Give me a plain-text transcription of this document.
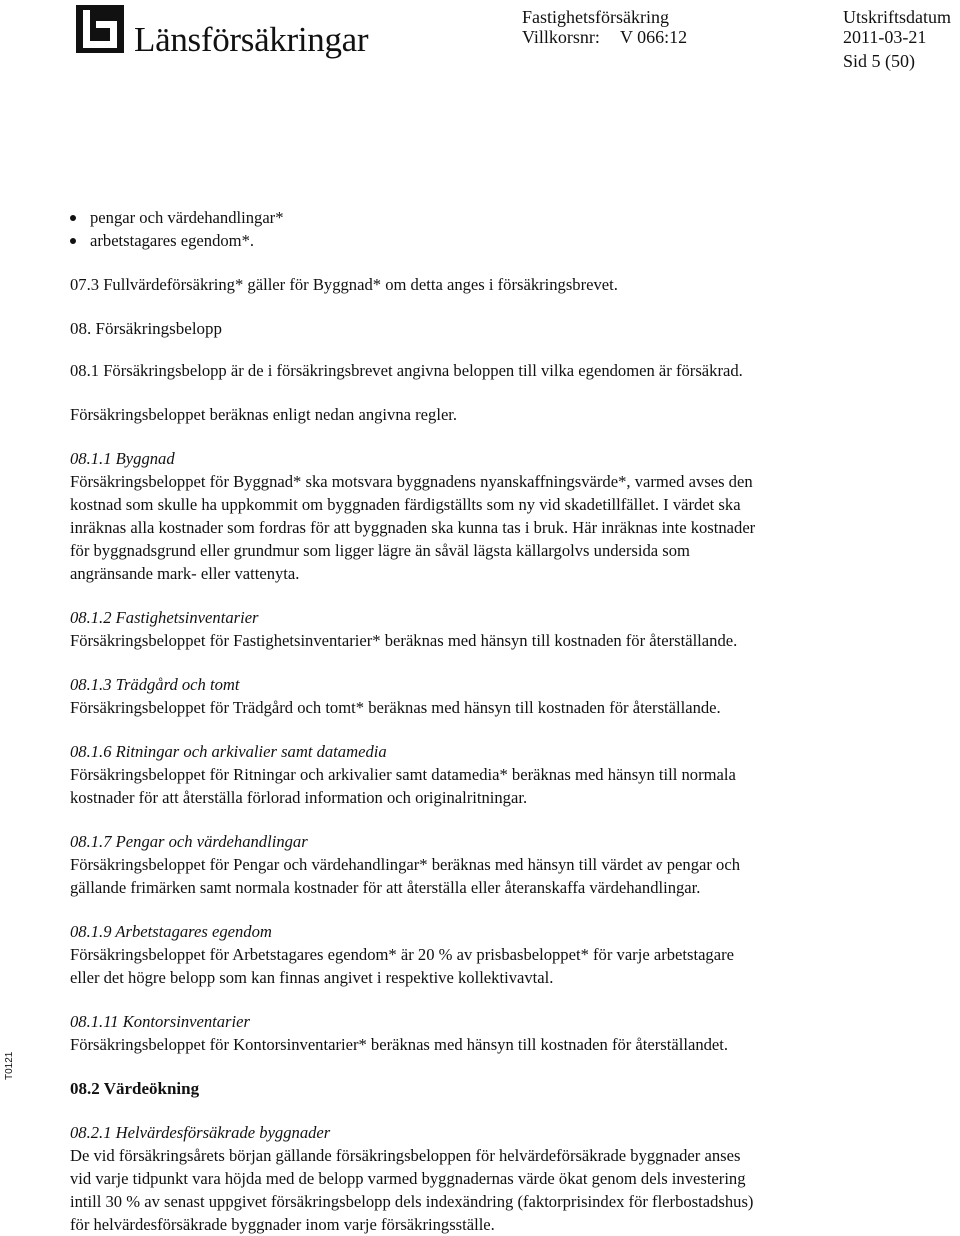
Länsförsäkringar
Fastighetsförsäkring
Villkorsnr: V 066:12
Utskriftsdatum
2011-03-21
Sid 5 (50)
T0121
pengar och värdehandlingar*
arbetstagares egendom*.

07.3 Fullvärdeförsäkring* gäller för Byggnad* om detta anges i försäkringsbrevet.

08. Försäkringsbelopp

08.1 Försäkringsbelopp är de i försäkringsbrevet angivna beloppen till vilka egendomen är försäkrad.

Försäkringsbeloppet beräknas enligt nedan angivna regler.

08.1.1 Byggnad

Försäkringsbeloppet för Byggnad* ska motsvara byggnadens nyanskaffningsvärde*, varmed avses den

kostnad som skulle ha uppkommit om byggnaden färdigställts som ny vid skadetillfället. I värdet ska

inräknas alla kostnader som fordras för att byggnaden ska kunna tas i bruk. Här inräknas inte kostnader

för byggnadsgrund eller grundmur som ligger lägre än såväl lägsta källargolvs undersida som

angränsande mark- eller vattenyta.

08.1.2 Fastighetsinventarier

Försäkringsbeloppet för Fastighetsinventarier* beräknas med hänsyn till kostnaden för återställande.

08.1.3 Trädgård och tomt

Försäkringsbeloppet för Trädgård och tomt* beräknas med hänsyn till kostnaden för återställande.

08.1.6 Ritningar och arkivalier samt datamedia

Försäkringsbeloppet för Ritningar och arkivalier samt datamedia* beräknas med hänsyn till normala

kostnader för att återställa förlorad information och originalritningar.

08.1.7 Pengar och värdehandlingar

Försäkringsbeloppet för Pengar och värdehandlingar* beräknas med hänsyn till värdet av pengar och

gällande frimärken samt normala kostnader för att återställa eller återanskaffa värdehandlingar.

08.1.9 Arbetstagares egendom

Försäkringsbeloppet för Arbetstagares egendom* är 20 % av prisbasbeloppet* för varje arbetstagare

eller det högre belopp som kan finnas angivet i respektive kollektivavtal.

08.1.11 Kontorsinventarier

Försäkringsbeloppet för Kontorsinventarier* beräknas med hänsyn till kostnaden för återställandet.

08.2 Värdeökning

08.2.1 Helvärdesförsäkrade byggnader

De vid försäkringsårets början gällande försäkringsbeloppen för helvärdeförsäkrade byggnader anses

vid varje tidpunkt vara höjda med de belopp varmed byggnadernas värde ökat genom dels investering

intill 30 % av senast uppgivet försäkringsbelopp dels indexändring (faktorprisindex för flerbostadshus)

för helvärdesförsäkrade byggnader inom varje försäkringsställe.
